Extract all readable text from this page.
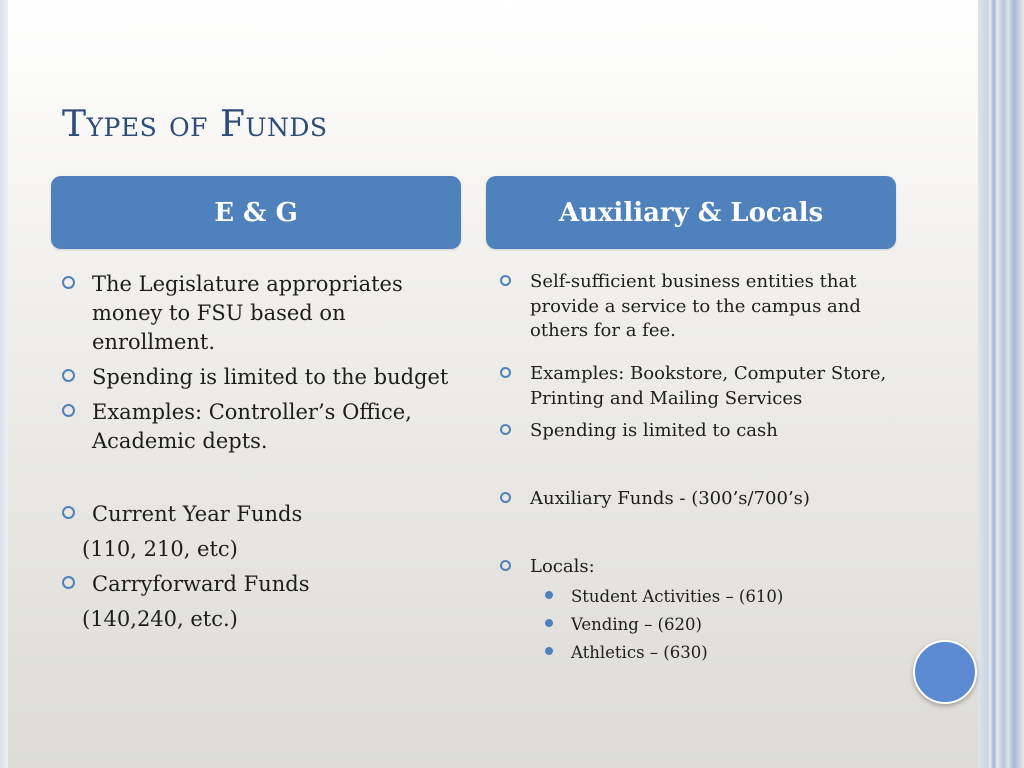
Types of Funds
E & G	Auxiliary & Locals
The Legislature appropriates money to FSU based on enrollment.
Spending is limited to the budget
Examples: Controller’s Office, Academic depts.
Current Year Funds
(110, 210, etc)
Carryforward Funds
(140,240, etc.)
Self-sufficient business entities that provide a service to the campus and others for a fee.
Examples: Bookstore, Computer Store, Printing and Mailing Services
Spending is limited to cash
Auxiliary Funds - (300’s/700’s)
Locals:
Student Activities – (610)
Vending – (620)
Athletics – (630)
